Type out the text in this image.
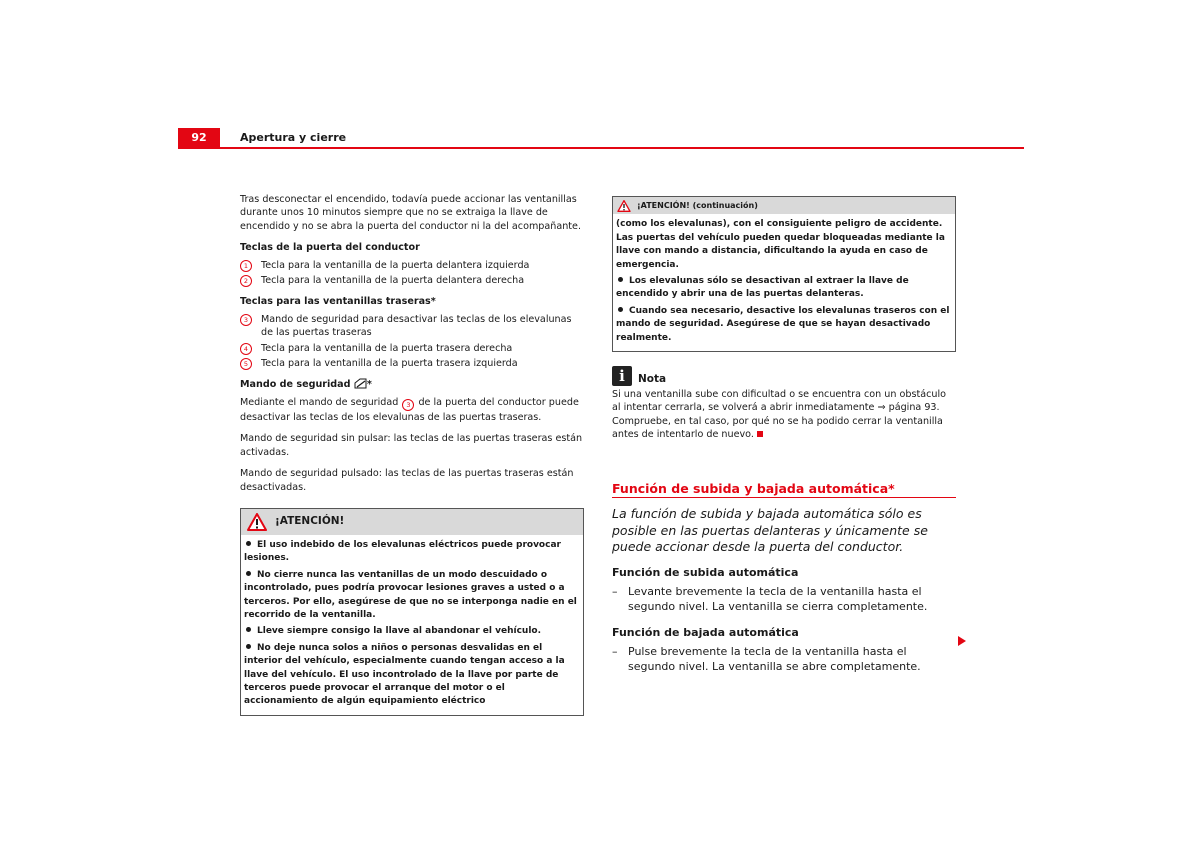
92	Apertura y cierre

Tras desconectar el encendido, todavía puede accionar las ventanillas durante unos 10 minutos siempre que no se extraiga la llave de encendido y no se abra la puerta del conductor ni la del acompañante.

Teclas de la puerta del conductor

1	Tecla para la ventanilla de la puerta delantera izquierda
2	Tecla para la ventanilla de la puerta delantera derecha

Teclas para las ventanillas traseras*

3	Mando de seguridad para desactivar las teclas de los elevalunas de las puertas traseras
4	Tecla para la ventanilla de la puerta trasera derecha
5	Tecla para la ventanilla de la puerta trasera izquierda

Mando de seguridad *

Mediante el mando de seguridad 3 de la puerta del conductor puede desactivar las teclas de los elevalunas de las puertas traseras.

Mando de seguridad sin pulsar: las teclas de las puertas traseras están activadas.

Mando de seguridad pulsado: las teclas de las puertas traseras están desactivadas.

¡ATENCIÓN!

El uso indebido de los elevalunas eléctricos puede provocar lesiones.

No cierre nunca las ventanillas de un modo descuidado o incontrolado, pues podría provocar lesiones graves a usted o a terceros. Por ello, asegúrese de que no se interponga nadie en el recorrido de la ventanilla.

Lleve siempre consigo la llave al abandonar el vehículo.

No deje nunca solos a niños o personas desvalidas en el interior del vehículo, especialmente cuando tengan acceso a la llave del vehículo. El uso incontrolado de la llave por parte de terceros puede provocar el arranque del motor o el accionamiento de algún equipamiento eléctrico

¡ATENCIÓN! (continuación)

(como los elevalunas), con el consiguiente peligro de accidente. Las puertas del vehículo pueden quedar bloqueadas mediante la llave con mando a distancia, dificultando la ayuda en caso de emergencia.

Los elevalunas sólo se desactivan al extraer la llave de encendido y abrir una de las puertas delanteras.

Cuando sea necesario, desactive los elevalunas traseros con el mando de seguridad. Asegúrese de que se hayan desactivado realmente.

i	Nota

Si una ventanilla sube con dificultad o se encuentra con un obstáculo al intentar cerrarla, se volverá a abrir inmediatamente ⇒ página 93. Compruebe, en tal caso, por qué no se ha podido cerrar la ventanilla antes de intentarlo de nuevo.

Función de subida y bajada automática*

La función de subida y bajada automática sólo es posible en las puertas delanteras y únicamente se puede accionar desde la puerta del conductor.

Función de subida automática

– Levante brevemente la tecla de la ventanilla hasta el segundo nivel. La ventanilla se cierra completamente.

Función de bajada automática

– Pulse brevemente la tecla de la ventanilla hasta el segundo nivel. La ventanilla se abre completamente.
